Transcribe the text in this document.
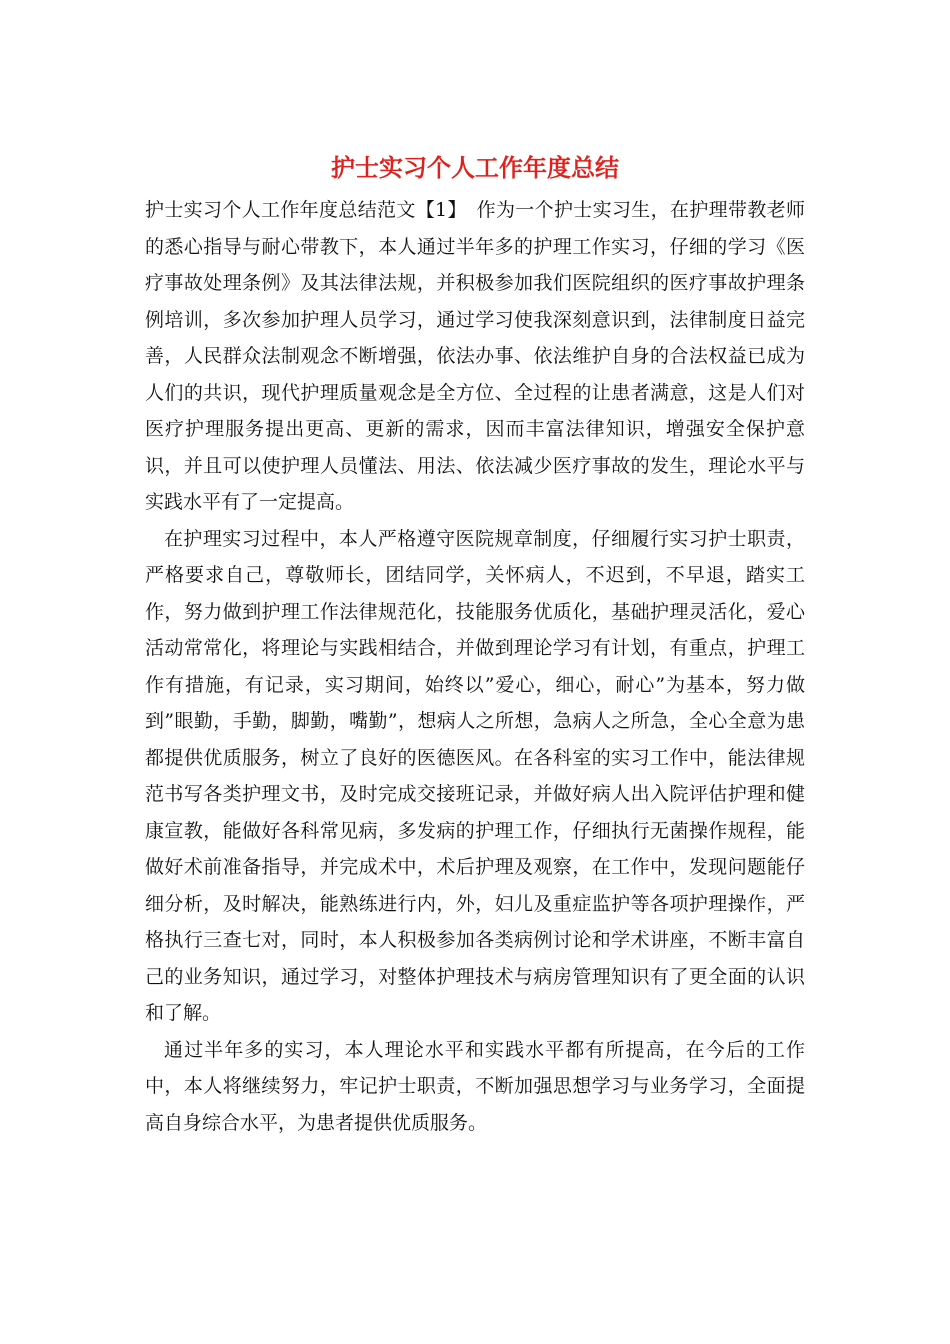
护士实习个人工作年度总结

护士实习个人工作年度总结范文【1】　作为一个护士实习生，在护理带教老师的悉心指导与耐心带教下，本人通过半年多的护理工作实习，仔细的学习《医疗事故处理条例》及其法律法规，并积极参加我们医院组织的医疗事故护理条例培训，多次参加护理人员学习，通过学习使我深刻意识到，法律制度日益完善，人民群众法制观念不断增强，依法办事、依法维护自身的合法权益已成为人们的共识，现代护理质量观念是全方位、全过程的让患者满意，这是人们对医疗护理服务提出更高、更新的需求，因而丰富法律知识，增强安全保护意识，并且可以使护理人员懂法、用法、依法减少医疗事故的发生，理论水平与实践水平有了一定提高。

在护理实习过程中，本人严格遵守医院规章制度，仔细履行实习护士职责，严格要求自己，尊敬师长，团结同学，关怀病人，不迟到，不早退，踏实工作，努力做到护理工作法律规范化，技能服务优质化，基础护理灵活化，爱心活动常常化，将理论与实践相结合，并做到理论学习有计划，有重点，护理工作有措施，有记录，实习期间，始终以”爱心，细心，耐心”为基本，努力做到”眼勤，手勤，脚勤，嘴勤”，想病人之所想，急病人之所急，全心全意为患都提供优质服务，树立了良好的医德医风。在各科室的实习工作中，能法律规范书写各类护理文书，及时完成交接班记录，并做好病人出入院评估护理和健康宣教，能做好各科常见病，多发病的护理工作，仔细执行无菌操作规程，能做好术前准备指导，并完成术中，术后护理及观察，在工作中，发现问题能仔细分析，及时解决，能熟练进行内，外，妇儿及重症监护等各项护理操作，严格执行三查七对，同时，本人积极参加各类病例讨论和学术讲座，不断丰富自己的业务知识，通过学习，对整体护理技术与病房管理知识有了更全面的认识和了解。

通过半年多的实习，本人理论水平和实践水平都有所提高，在今后的工作中，本人将继续努力，牢记护士职责，不断加强思想学习与业务学习，全面提高自身综合水平，为患者提供优质服务。
